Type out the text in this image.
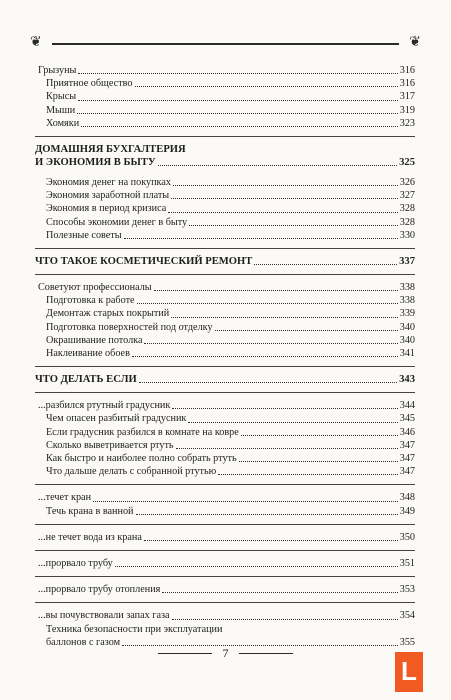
❦	❦
Грызуны	316
Приятное общество	316
Крысы	317
Мыши	319
Хомяки	323
ДОМАШНЯЯ БУХГАЛТЕРИЯ
И ЭКОНОМИЯ В БЫТУ	325
Экономия денег на покупках	326
Экономия заработной платы	327
Экономия в период кризиса	328
Способы экономии денег в быту	328
Полезные советы	330
ЧТО ТАКОЕ КОСМЕТИЧЕСКИЙ РЕМОНТ	337
Советуют профессионалы	338
Подготовка к работе	338
Демонтаж старых покрытий	339
Подготовка поверхностей под отделку	340
Окрашивание потолка	340
Наклеивание обоев	341
ЧТО ДЕЛАТЬ ЕСЛИ	343
...разбился ртутный градусник	344
Чем опасен разбитый градусник	345
Если градусник разбился в комнате на ковре	346
Сколько выветривается ртуть	347
Как быстро и наиболее полно собрать ртуть	347
Что дальше делать с собранной ртутью	347
...течет кран	348
Течь крана в ванной	349
...не течет вода из крана	350
...прорвало трубу	351
...прорвало трубу отопления	353
...вы почувствовали запах газа	354
Техника безопасности при эксплуатации
баллонов с газом	355
7
L
